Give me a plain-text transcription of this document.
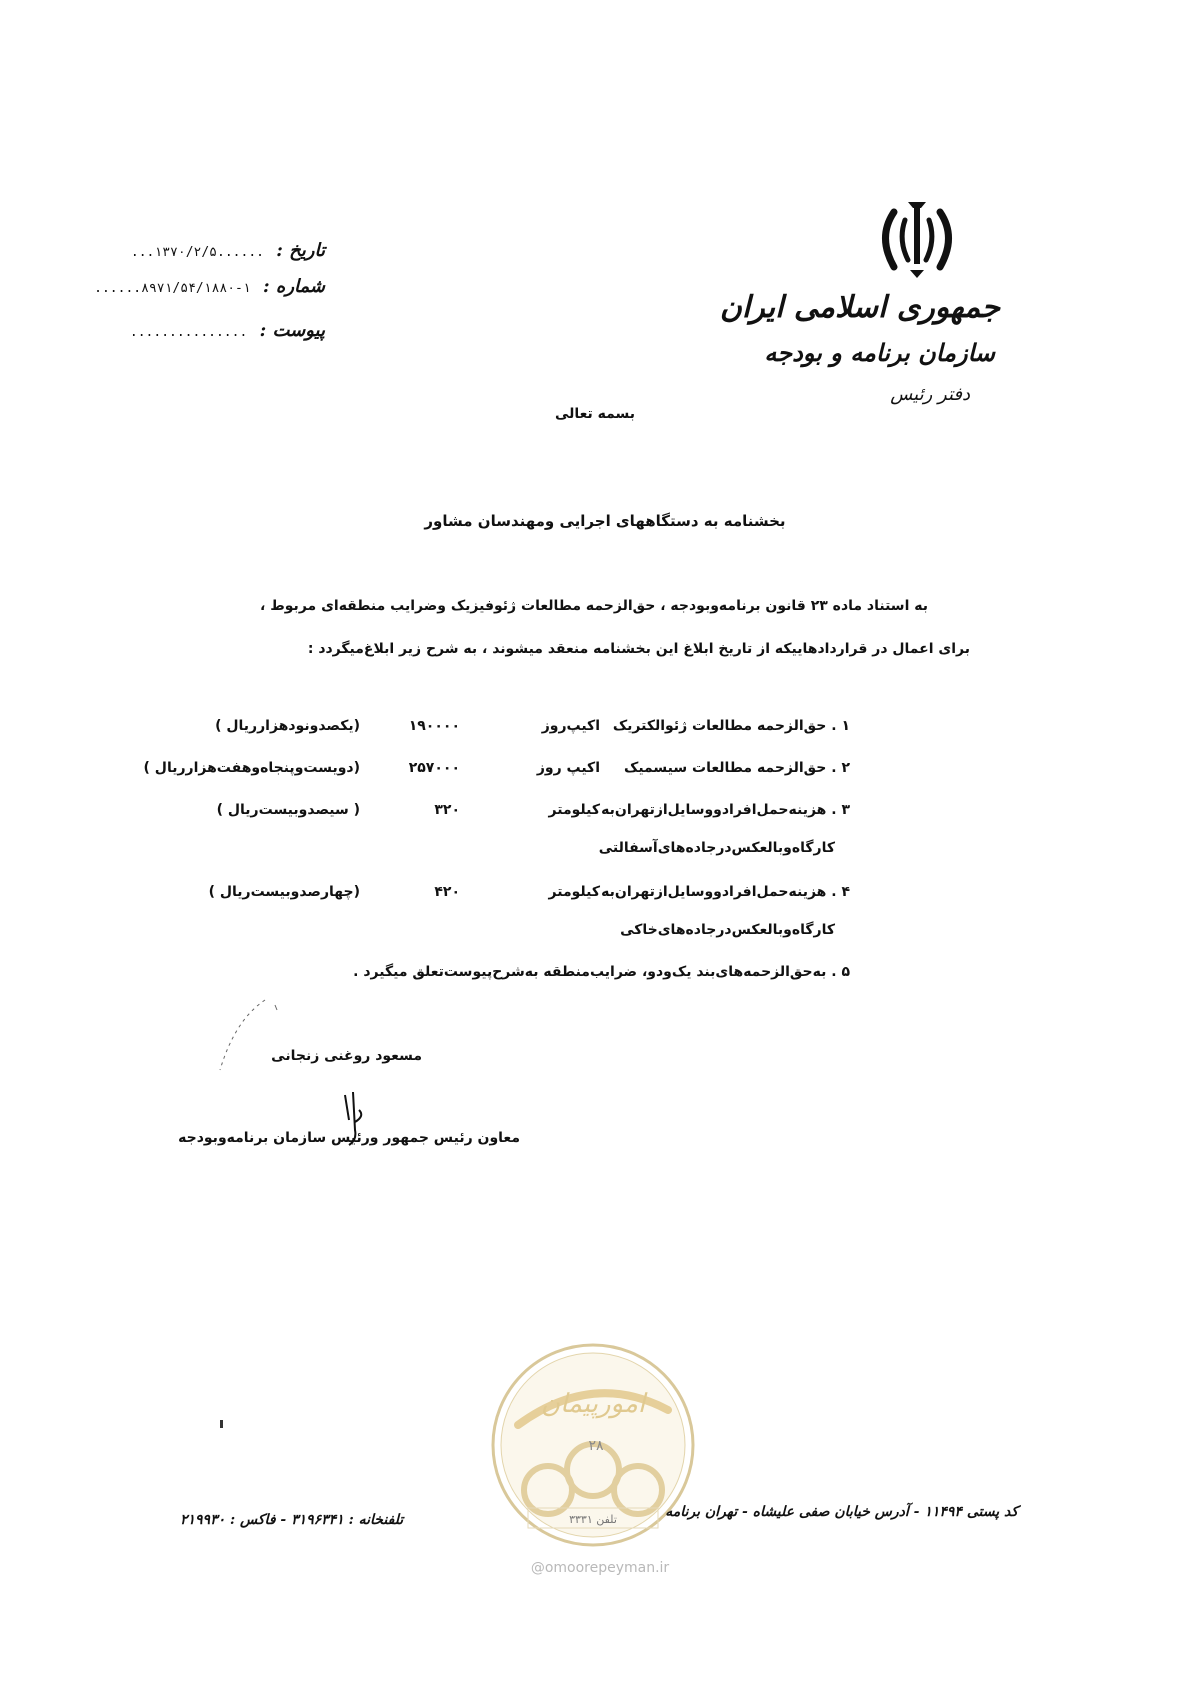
جمهوری اسلامی ایران
سازمان برنامه و بودجه
دفتر رئیس
تاریخ : ......۱۳۷۰/۲/۵...
شماره : ۱-۸۹۷۱/۵۴/۱۸۸۰......
پیوست : ...............
بسمه تعالی
بخشنامه به دستگاههای اجرایی ومهندسان مشاور
به استناد ماده ۲۳ قانون برنامه‌وبودجه ، حق‌الزحمه مطالعات ژئوفیزیک وضرایب منطقه‌ای مربوط ،
برای اعمال در قراردادهاییکه از تاریخ ابلاغ این بخشنامه منعقد میشوند ، به شرح زیر ابلاغ‌میگردد :
۱ . حق‌الزحمه مطالعات ژئوالکتریک
اکیپ‌روز
۱۹۰۰۰۰
(یکصدونودهزارریال )
۲ . حق‌الزحمه مطالعات سیسمیک
اکیپ روز
۲۵۷۰۰۰
(دویست‌وپنجاه‌وهفت‌هزارریال )
۳ . هزینه‌حمل‌افرادووسایل‌ازتهران‌به
کیلومتر
۳۲۰
( سیصدوبیست‌ریال )
کارگاه‌وبالعکس‌درجاده‌های‌آسفالتی
۴ . هزینه‌حمل‌افرادووسایل‌ازتهران‌به
کیلومتر
۴۲۰
(چهارصدوبیست‌ریال )
کارگاه‌وبالعکس‌درجاده‌های‌خاکی
۵ . به‌حق‌الزحمه‌های‌بند یک‌ودو، ضرایب‌منطقه به‌شرح‌پیوست‌تعلق میگیرد .
مسعود روغنی زنجانی
معاون رئیس جمهور ورئیس سازمان برنامه‌وبودجه
امورپیمان
۲۸
تلفن ۳۳۳۱
@omoorepeyman.ir
کد پستی ۱۱۴۹۴ - آدرس خیابان صفی علیشاه - تهران برنامه
تلفنخانه : ۳۱۹۶۳۴۱ - فاکس : ۲۱۹۹۳۰
